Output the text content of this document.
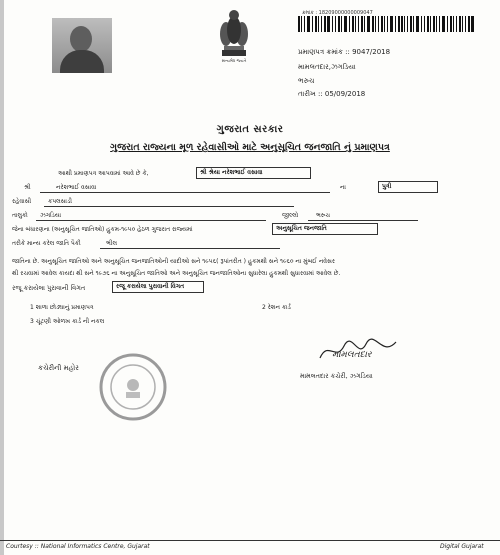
સત્યમેવ જયતે
ક્રમાંક : 18209000000009047
પ્રમાણપત્ર ક્રમાંક :: 9047/2018
મામલતદાર,ઝગડિયા
ભરુચ
તારીખ :: 05/09/2018
ગુજરાત સરકાર
ગુજરાત રાજ્યના મૂળ રહેવાસીઓ માટે અનુસૂચિત જનજાતિ નું પ્રમાણપત્ર
આથી પ્રમાણપત્ર આપવામાં આવે છે કે,	શ્રી શ્રેયા નરેશભાઈ વસાવા
ના	પુત્રી
શ્રી	નરેશભાઈ વસાવા
રહેવાસી	કપલસાડી
તાલુકો ઝગડિયા	જીલ્લો	ભરુચ
જેના બંધારણના (અનુસૂચિત જાતિઓ) હુકમ-૧૯૫૦ હેઠળ ગુજરાત રાજ્યમાં	અનુસૂચિત જનજાતિ
તરીકે માન્ય કરેલ જાતિ પૈકી	ભીલ
જાતિના છે. અનુસૂચિત જાતિઓ અને અનુસૂચિત જનજાતિઓની યાદીઓ સને ૧૯૫૬( રૂપાંતરીત ) હુકમથી સને ૧૯૬૦ ના મુંબઈ નવેસર
થી રચવામાં આવેલ કાયદા થી સને ૧૯૭૬ ના અનુસૂચિત જાતિઓ અને અનુસૂચિત જનજાતિઓના સુધારેલા હુકમથી સુધારવામાં આવેલ છે.
રજૂ કરાયેલા પુરાવાની વિગત	રજૂ કરાયેલા પુરાવાની વિગત
1 શાળા છોડ્યાનું પ્રમાણપત્ર	2 રેશન કાર્ડ
3 ચૂંટણી ઓળખ કાર્ડ ની નકલ
કચેરીની મહોર
મામલતદાર
મામલતદાર કચેરી, ઝગડિયા
Courtesy :: National Informatics Centre, Gujarat	Digital Gujarat
